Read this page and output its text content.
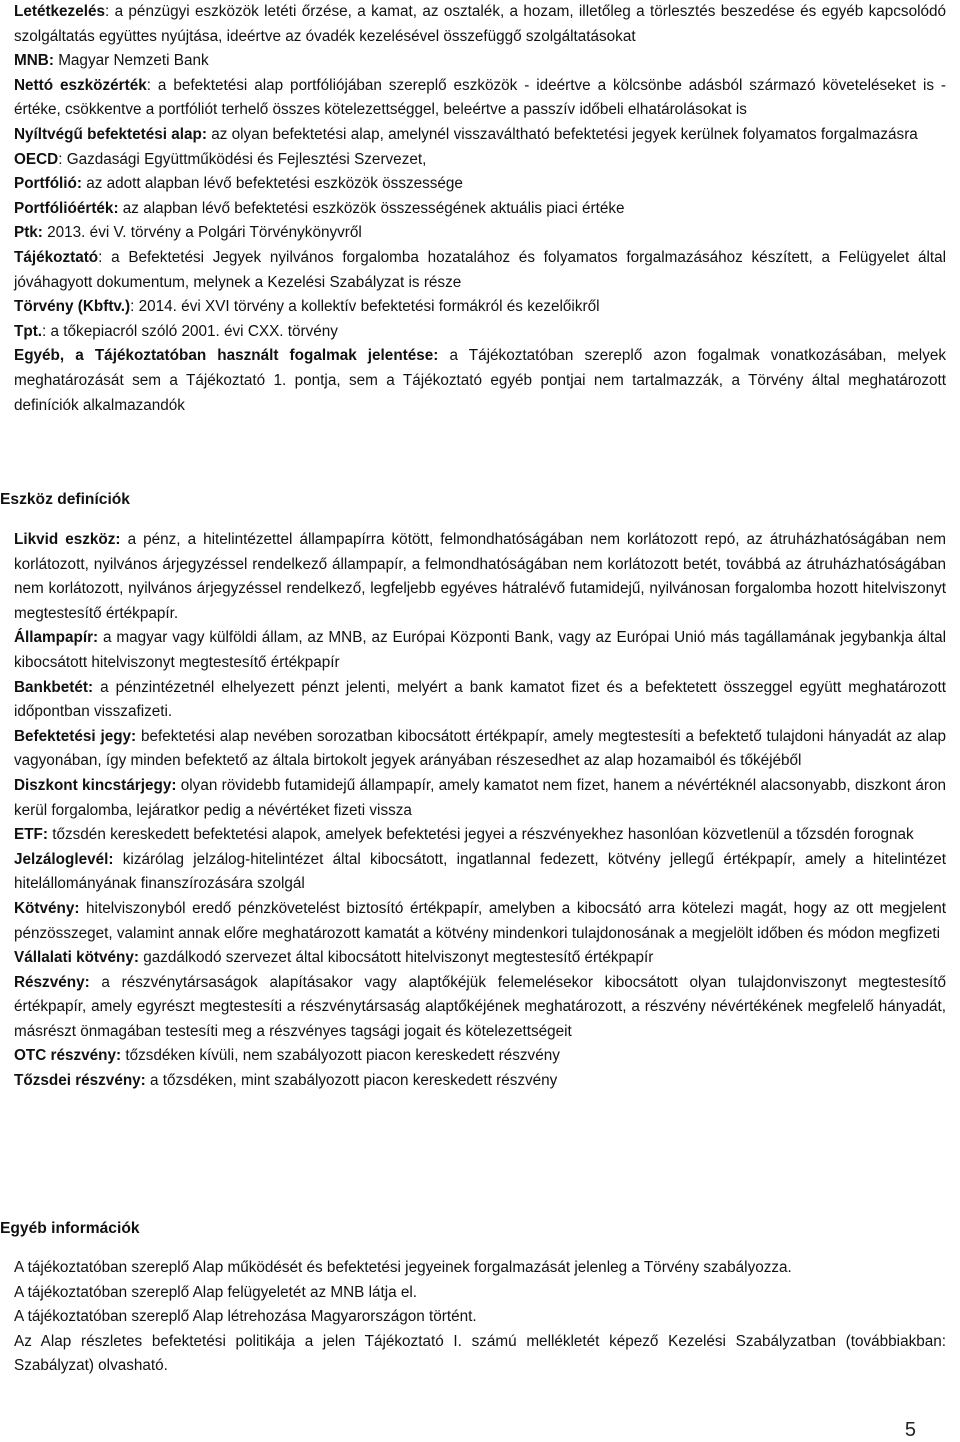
Letétkezelés: a pénzügyi eszközök letéti őrzése, a kamat, az osztalék, a hozam, illetőleg a törlesztés beszedése és egyéb kapcsolódó szolgáltatás együttes nyújtása, ideértve az óvadék kezelésével összefüggő szolgáltatásokat

MNB: Magyar Nemzeti Bank

Nettó eszközérték: a befektetési alap portfóliójában szereplő eszközök - ideértve a kölcsönbe adásból származó követeléseket is - értéke, csökkentve a portfóliót terhelő összes kötelezettséggel, beleértve a passzív időbeli elhatárolásokat is

Nyíltvégű befektetési alap: az olyan befektetési alap, amelynél visszaváltható befektetési jegyek kerülnek folyamatos forgalmazásra

OECD: Gazdasági Együttműködési és Fejlesztési Szervezet,

Portfólió: az adott alapban lévő befektetési eszközök összessége

Portfólióérték: az alapban lévő befektetési eszközök összességének aktuális piaci értéke

Ptk: 2013. évi V. törvény a Polgári Törvénykönyvről

Tájékoztató: a Befektetési Jegyek nyilvános forgalomba hozatalához és folyamatos forgalmazásához készített, a Felügyelet által jóváhagyott dokumentum, melynek a Kezelési Szabályzat is része

Törvény (Kbftv.): 2014. évi XVI törvény a kollektív befektetési formákról és kezelőikről

Tpt.: a tőkepiacról szóló 2001. évi CXX. törvény

Egyéb, a Tájékoztatóban használt fogalmak jelentése: a Tájékoztatóban szereplő azon fogalmak vonatkozásában, melyek meghatározását sem a Tájékoztató 1. pontja, sem a Tájékoztató egyéb pontjai nem tartalmazzák, a Törvény által meghatározott definíciók alkalmazandók

Eszköz definíciók

Likvid eszköz: a pénz, a hitelintézettel állampapírra kötött, felmondhatóságában nem korlátozott repó, az átruházhatóságában nem korlátozott, nyilvános árjegyzéssel rendelkező állampapír, a felmondhatóságában nem korlátozott betét, továbbá az átruházhatóságában nem korlátozott, nyilvános árjegyzéssel rendelkező, legfeljebb egyéves hátralévő futamidejű, nyilvánosan forgalomba hozott hitelviszonyt megtestesítő értékpapír.

Állampapír: a magyar vagy külföldi állam, az MNB, az Európai Központi Bank, vagy az Európai Unió más tagállamának jegybankja által kibocsátott hitelviszonyt megtestesítő értékpapír

Bankbetét: a pénzintézetnél elhelyezett pénzt jelenti, melyért a bank kamatot fizet és a befektetett összeggel együtt meghatározott időpontban visszafizeti.

Befektetési jegy: befektetési alap nevében sorozatban kibocsátott értékpapír, amely megtestesíti a befektető tulajdoni hányadát az alap vagyonában, így minden befektető az általa birtokolt jegyek arányában részesedhet az alap hozamaiból és tőkéjéből

Diszkont kincstárjegy: olyan rövidebb futamidejű állampapír, amely kamatot nem fizet, hanem a névértéknél alacsonyabb, diszkont áron kerül forgalomba, lejáratkor pedig a névértéket fizeti vissza

ETF: tőzsdén kereskedett befektetési alapok, amelyek befektetési jegyei a részvényekhez hasonlóan közvetlenül a tőzsdén forognak

Jelzáloglevél: kizárólag jelzálog-hitelintézet által kibocsátott, ingatlannal fedezett, kötvény jellegű értékpapír, amely a hitelintézet hitelállományának finanszírozására szolgál

Kötvény: hitelviszonyból eredő pénzkövetelést biztosító értékpapír, amelyben a kibocsátó arra kötelezi magát, hogy az ott megjelent pénzösszeget, valamint annak előre meghatározott kamatát a kötvény mindenkori tulajdonosának a megjelölt időben és módon megfizeti

Vállalati kötvény: gazdálkodó szervezet által kibocsátott hitelviszonyt megtestesítő értékpapír

Részvény: a részvénytársaságok alapításakor vagy alaptőkéjük felemelésekor kibocsátott olyan tulajdonviszonyt megtestesítő értékpapír, amely egyrészt megtestesíti a részvénytársaság alaptőkéjének meghatározott, a részvény névértékének megfelelő hányadát, másrészt önmagában testesíti meg a részvényes tagsági jogait és kötelezettségeit

OTC részvény: tőzsdéken kívüli, nem szabályozott piacon kereskedett részvény

Tőzsdei részvény: a tőzsdéken, mint szabályozott piacon kereskedett részvény

Egyéb információk

A tájékoztatóban szereplő Alap működését és befektetési jegyeinek forgalmazását jelenleg a Törvény szabályozza.

A tájékoztatóban szereplő Alap felügyeletét az MNB látja el.

A tájékoztatóban szereplő Alap létrehozása Magyarországon történt.

Az Alap részletes befektetési politikája a jelen Tájékoztató I. számú mellékletét képező Kezelési Szabályzatban (továbbiakban: Szabályzat) olvasható.

5
